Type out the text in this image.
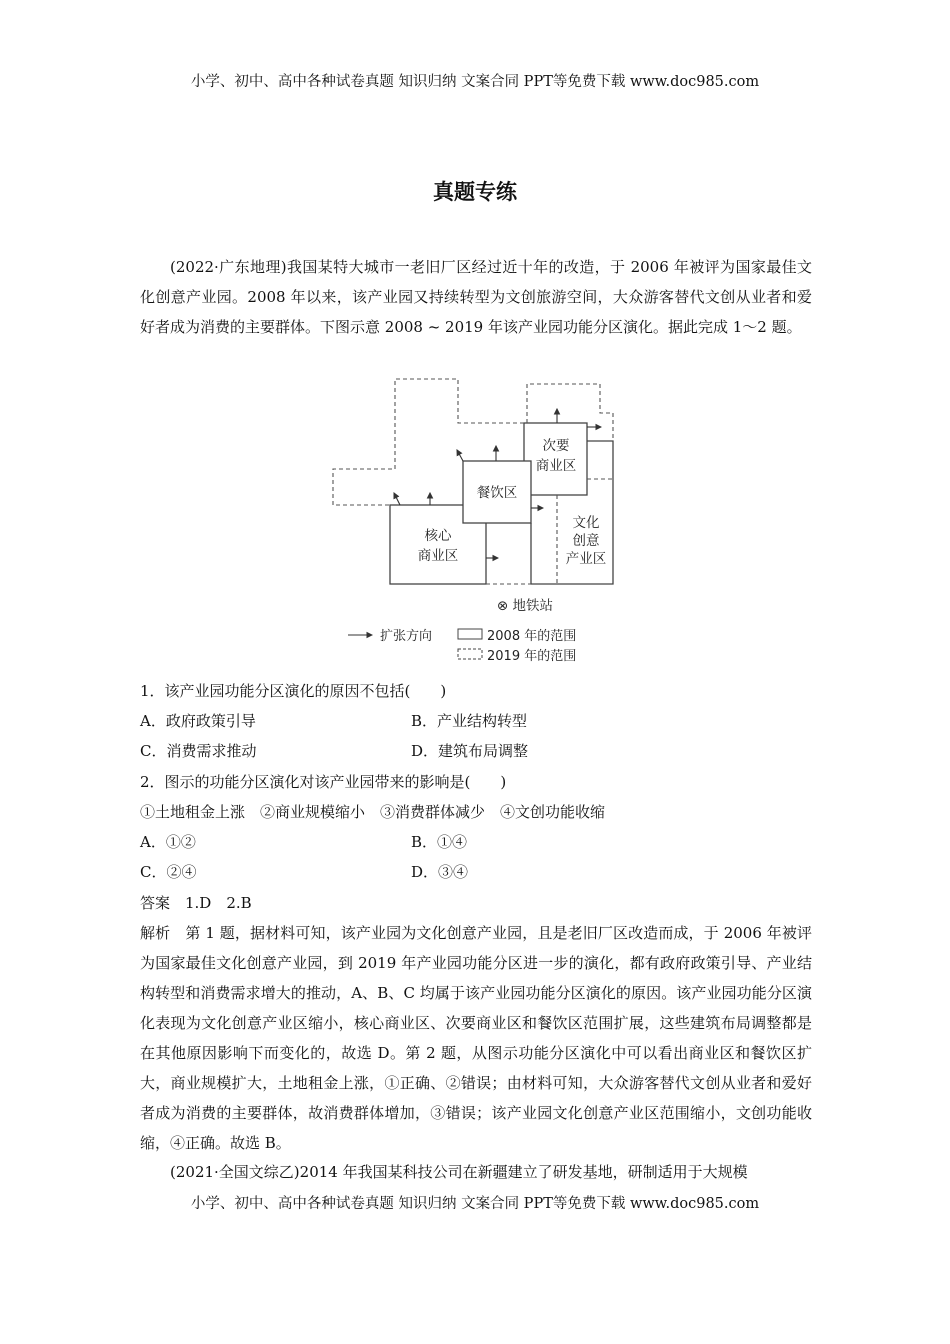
小学、初中、高中各种试卷真题 知识归纳 文案合同 PPT等免费下载 www.doc985.com
真题专练
(2022·广东地理)我国某特大城市一老旧厂区经过近十年的改造，于 2006 年被评为国家最佳文化创意产业园。2008 年以来，该产业园又持续转型为文创旅游空间，大众游客替代文创从业者和爱好者成为消费的主要群体。下图示意 2008 ~ 2019 年该产业园功能分区演化。据此完成 1～2 题。
次要
商业区
餐饮区
核心
商业区
文化
创意
产业区
⊗ 地铁站
扩张方向	2008 年的范围
2019 年的范围
1．该产业园功能分区演化的原因不包括(　　)
A．政府政策引导	B．产业结构转型
C．消费需求推动	D．建筑布局调整
2．图示的功能分区演化对该产业园带来的影响是(　　)
①土地租金上涨　②商业规模缩小　③消费群体减少　④文创功能收缩
A．①②	B．①④
C．②④	D．③④
答案　1.D　2.B
解析　第 1 题，据材料可知，该产业园为文化创意产业园，且是老旧厂区改造而成，于 2006 年被评为国家最佳文化创意产业园，到 2019 年产业园功能分区进一步的演化，都有政府政策引导、产业结构转型和消费需求增大的推动，A、B、C 均属于该产业园功能分区演化的原因。该产业园功能分区演化表现为文化创意产业区缩小，核心商业区、次要商业区和餐饮区范围扩展，这些建筑布局调整都是在其他原因影响下而变化的，故选 D。第 2 题，从图示功能分区演化中可以看出商业区和餐饮区扩大，商业规模扩大，土地租金上涨，①正确、②错误；由材料可知，大众游客替代文创从业者和爱好者成为消费的主要群体，故消费群体增加，③错误；该产业园文化创意产业区范围缩小，文创功能收缩，④正确。故选 B。
(2021·全国文综乙)2014 年我国某科技公司在新疆建立了研发基地，研制适用于大规模
小学、初中、高中各种试卷真题 知识归纳 文案合同 PPT等免费下载 www.doc985.com
